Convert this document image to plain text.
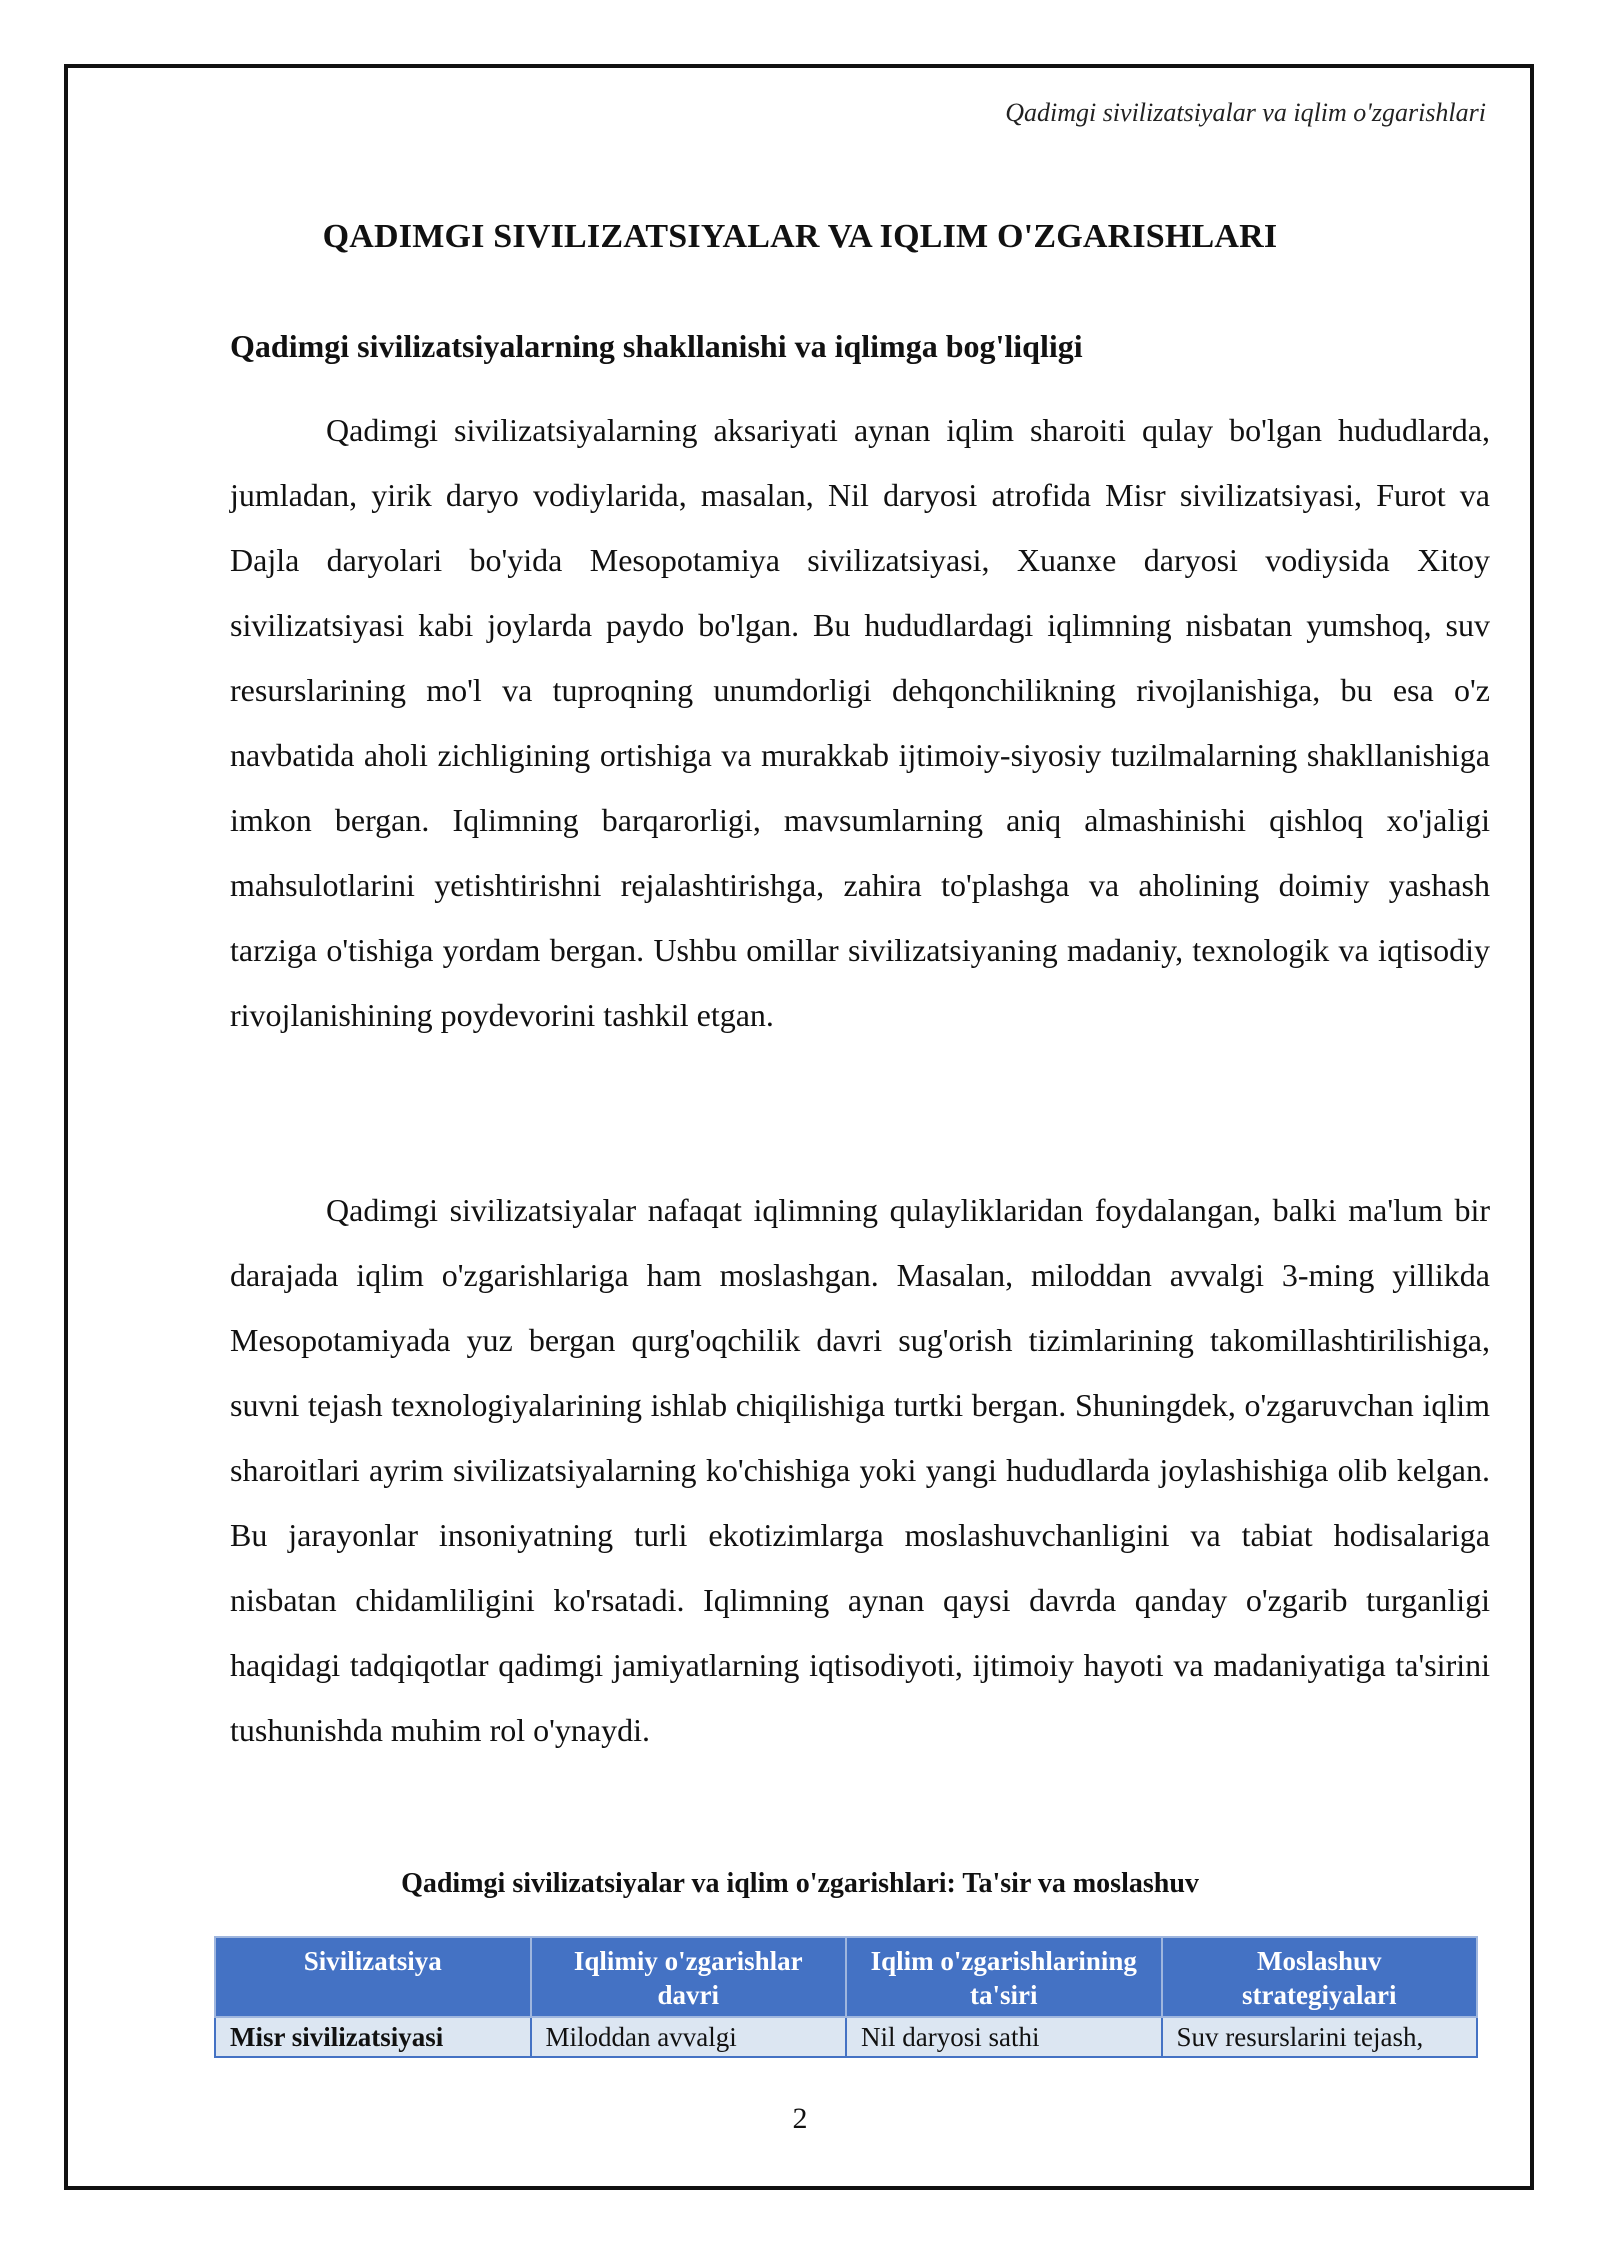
Qadimgi sivilizatsiyalar va iqlim o'zgarishlari
QADIMGI SIVILIZATSIYALAR VA IQLIM O'ZGARISHLARI
Qadimgi sivilizatsiyalarning shakllanishi va iqlimga bog'liqligi

Qadimgi sivilizatsiyalarning aksariyati aynan iqlim sharoiti qulay bo'lgan hududlarda, jumladan, yirik daryo vodiylarida, masalan, Nil daryosi atrofida Misr sivilizatsiyasi, Furot va Dajla daryolari bo'yida Mesopotamiya sivilizatsiyasi, Xuanxe daryosi vodiysida Xitoy sivilizatsiyasi kabi joylarda paydo bo'lgan. Bu hududlardagi iqlimning nisbatan yumshoq, suv resurslarining mo'l va tuproqning unumdorligi dehqonchilikning rivojlanishiga, bu esa o'z navbatida aholi zichligining ortishiga va murakkab ijtimoiy-siyosiy tuzilmalarning shakllanishiga imkon bergan. Iqlimning barqarorligi, mavsumlarning aniq almashinishi qishloq xo'jaligi mahsulotlarini yetishtirishni rejalashtirishga, zahira to'plashga va aholining doimiy yashash tarziga o'tishiga yordam bergan. Ushbu omillar sivilizatsiyaning madaniy, texnologik va iqtisodiy rivojlanishining poydevorini tashkil etgan.

Qadimgi sivilizatsiyalar nafaqat iqlimning qulayliklaridan foydalangan, balki ma'lum bir darajada iqlim o'zgarishlariga ham moslashgan. Masalan, miloddan avvalgi 3-ming yillikda Mesopotamiyada yuz bergan qurg'oqchilik davri sug'orish tizimlarining takomillashtirilishiga, suvni tejash texnologiyalarining ishlab chiqilishiga turtki bergan. Shuningdek, o'zgaruvchan iqlim sharoitlari ayrim sivilizatsiyalarning ko'chishiga yoki yangi hududlarda joylashishiga olib kelgan. Bu jarayonlar insoniyatning turli ekotizimlarga moslashuvchanligini va tabiat hodisalariga nisbatan chidamliligini ko'rsatadi. Iqlimning aynan qaysi davrda qanday o'zgarib turganligi haqidagi tadqiqotlar qadimgi jamiyatlarning iqtisodiyoti, ijtimoiy hayoti va madaniyatiga ta'sirini tushunishda muhim rol o'ynaydi.

Qadimgi sivilizatsiyalar va iqlim o'zgarishlari: Ta'sir va moslashuv
Sivilizatsiya	Iqlimiy o'zgarishlar davri	Iqlim o'zgarishlarining ta'siri	Moslashuv strategiyalari
Misr sivilizatsiyasi	Miloddan avvalgi	Nil daryosi sathi	Suv resurslarini tejash,
2
